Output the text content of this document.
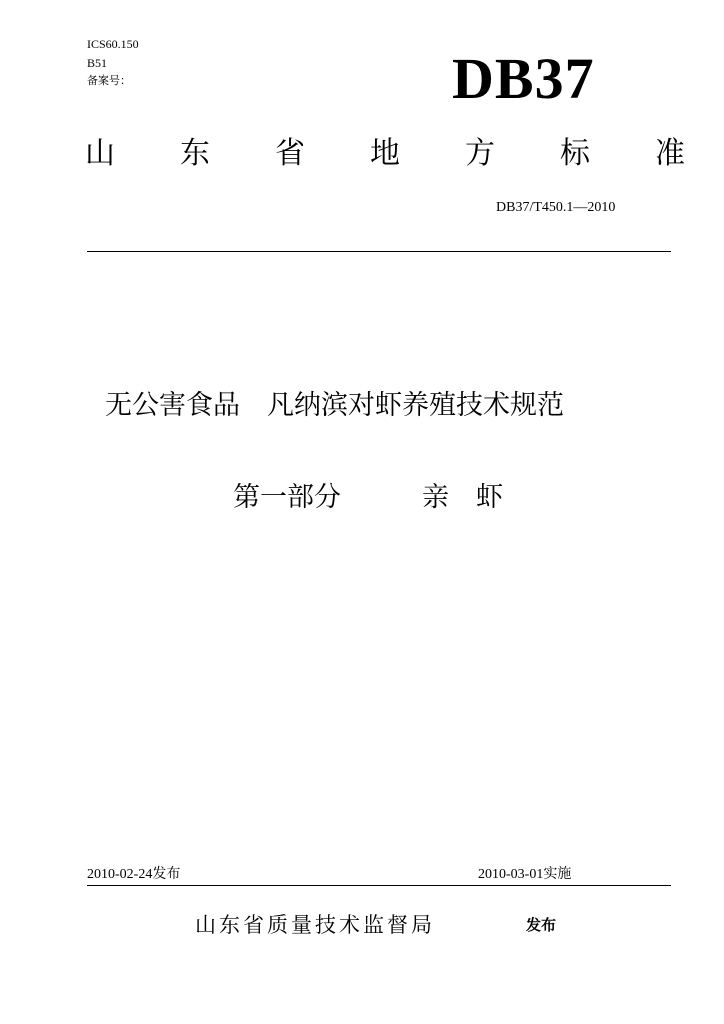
ICS60.150
B51
备案号：	DB37
山 东 省 地 方 标 准
DB37/T450.1—2010
无公害食品　凡纳滨对虾养殖技术规范
第一部分　　　亲　虾
2010-02-24发布	2010-03-01实施
山东省质量技术监督局	发布
